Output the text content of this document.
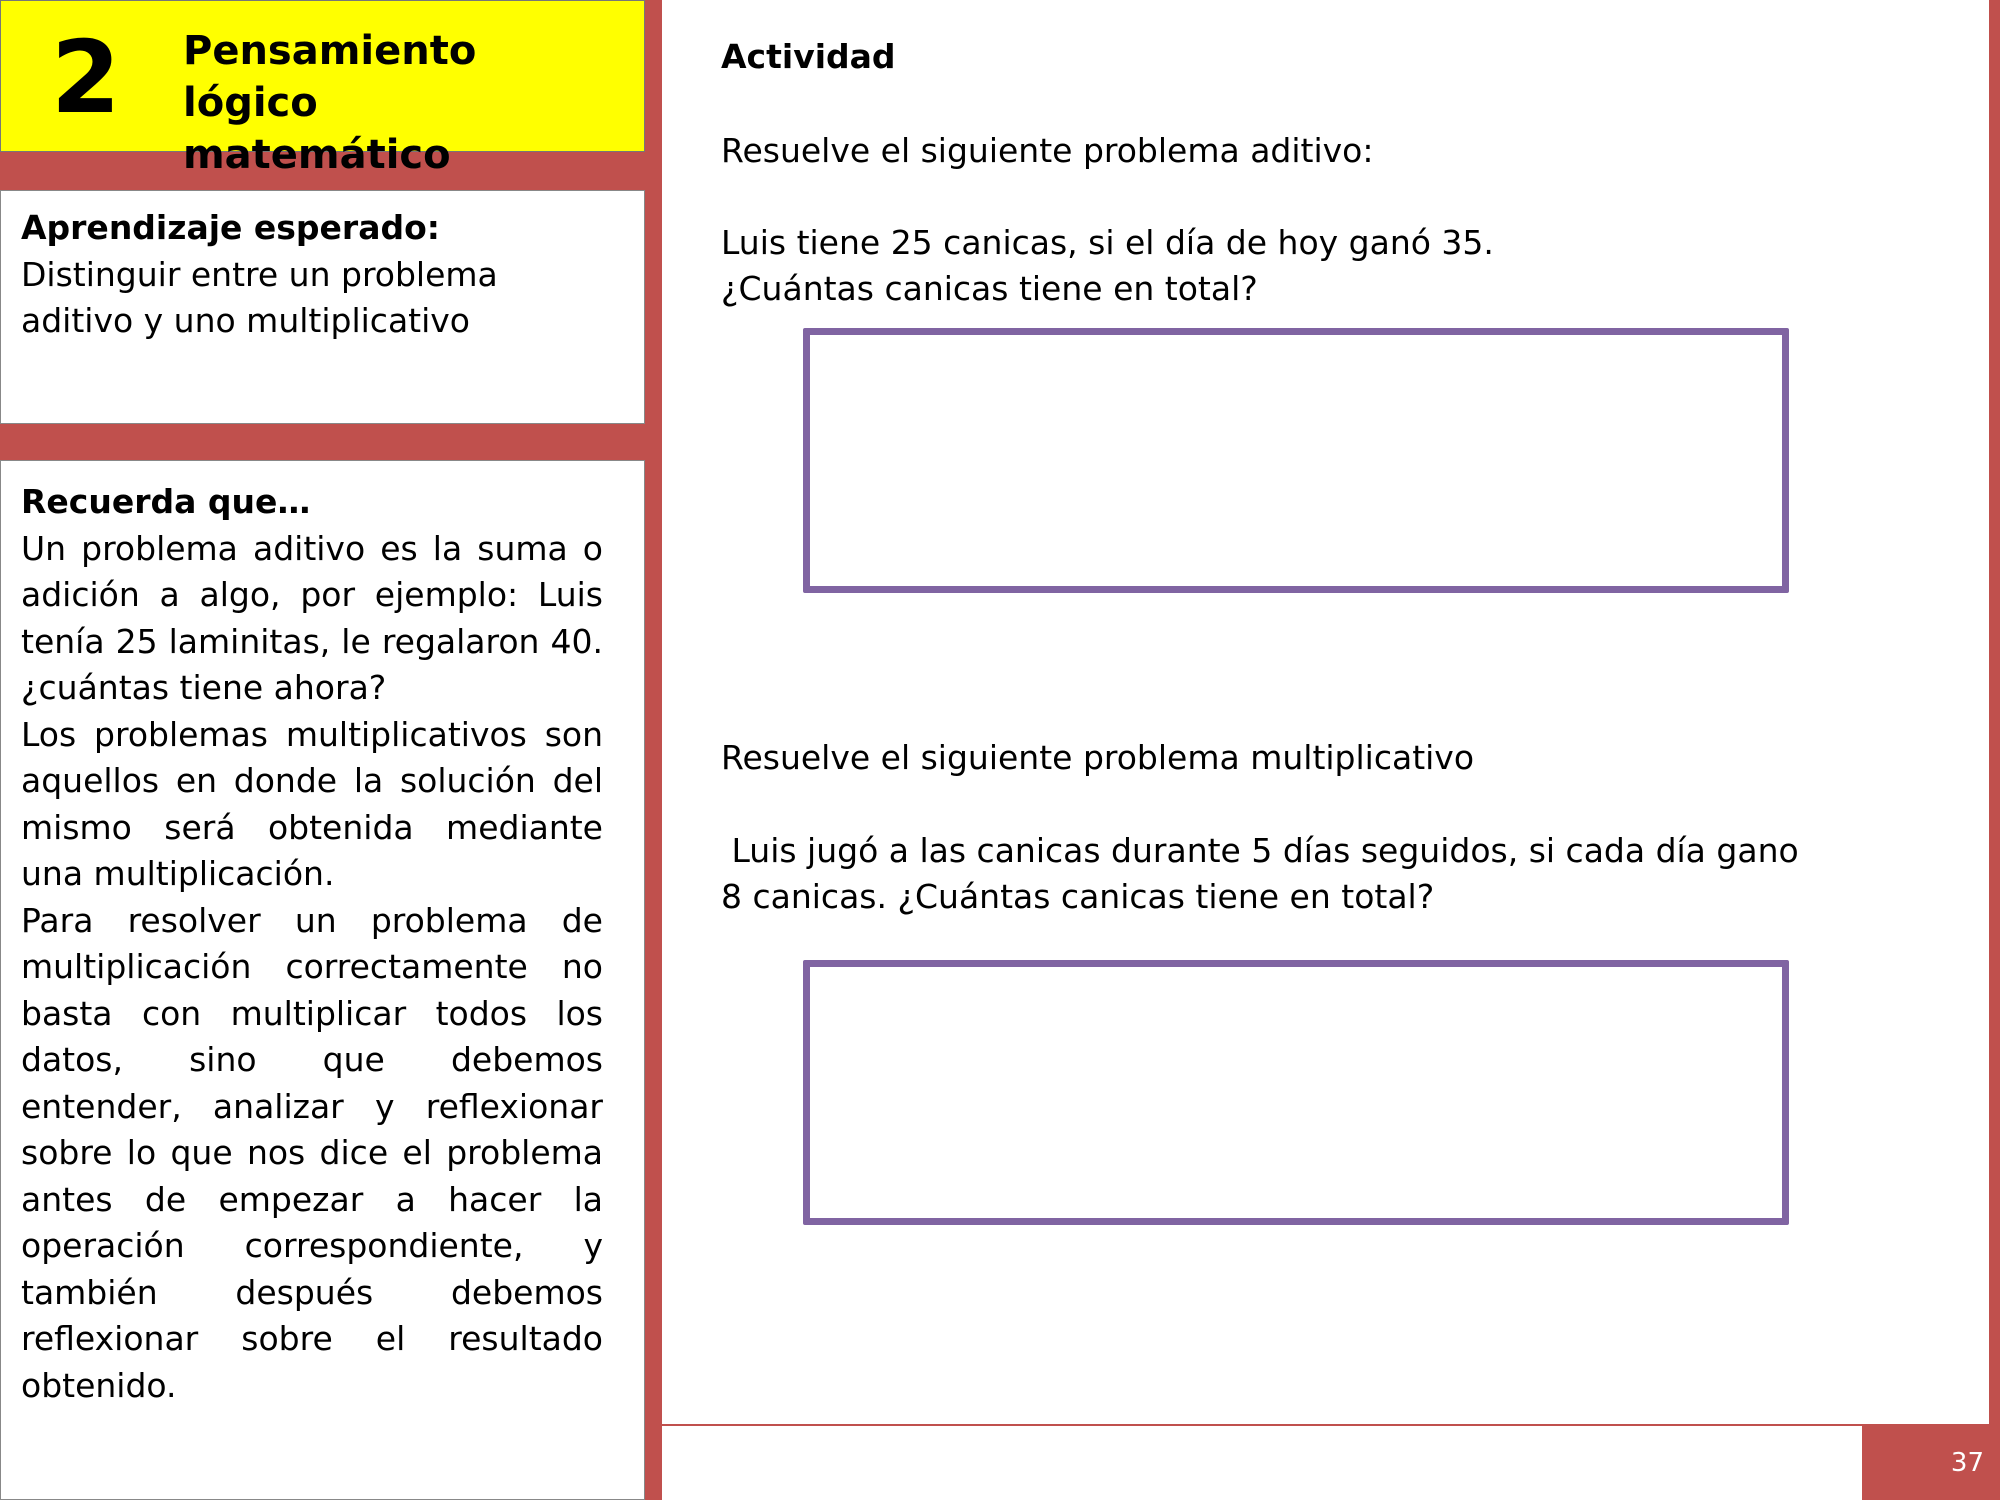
2 Pensamiento lógico
matemático
Aprendizaje esperado:
Distinguir entre un problema aditivo y uno multiplicativo
Recuerda que…

Un problema aditivo es la suma o adición a algo, por ejemplo: Luis tenía 25 laminitas, le regalaron 40. ¿cuántas tiene ahora?

Los problemas multiplicativos son aquellos en donde la solución del mismo será obtenida mediante una multiplicación.

Para resolver un problema de multiplicación correctamente no basta con multiplicar todos los datos, sino que debemos entender, analizar y reflexionar sobre lo que nos dice el problema antes de empezar a hacer la operación correspondiente, y también después debemos reflexionar sobre el resultado obtenido.

Actividad
Resuelve el siguiente problema aditivo:
Luis tiene 25 canicas, si el día de hoy ganó 35.
¿Cuántas canicas tiene en total?
Resuelve el siguiente problema multiplicativo
Luis jugó a las canicas durante 5 días seguidos, si cada día gano
8 canicas. ¿Cuántas canicas tiene en total?
37
